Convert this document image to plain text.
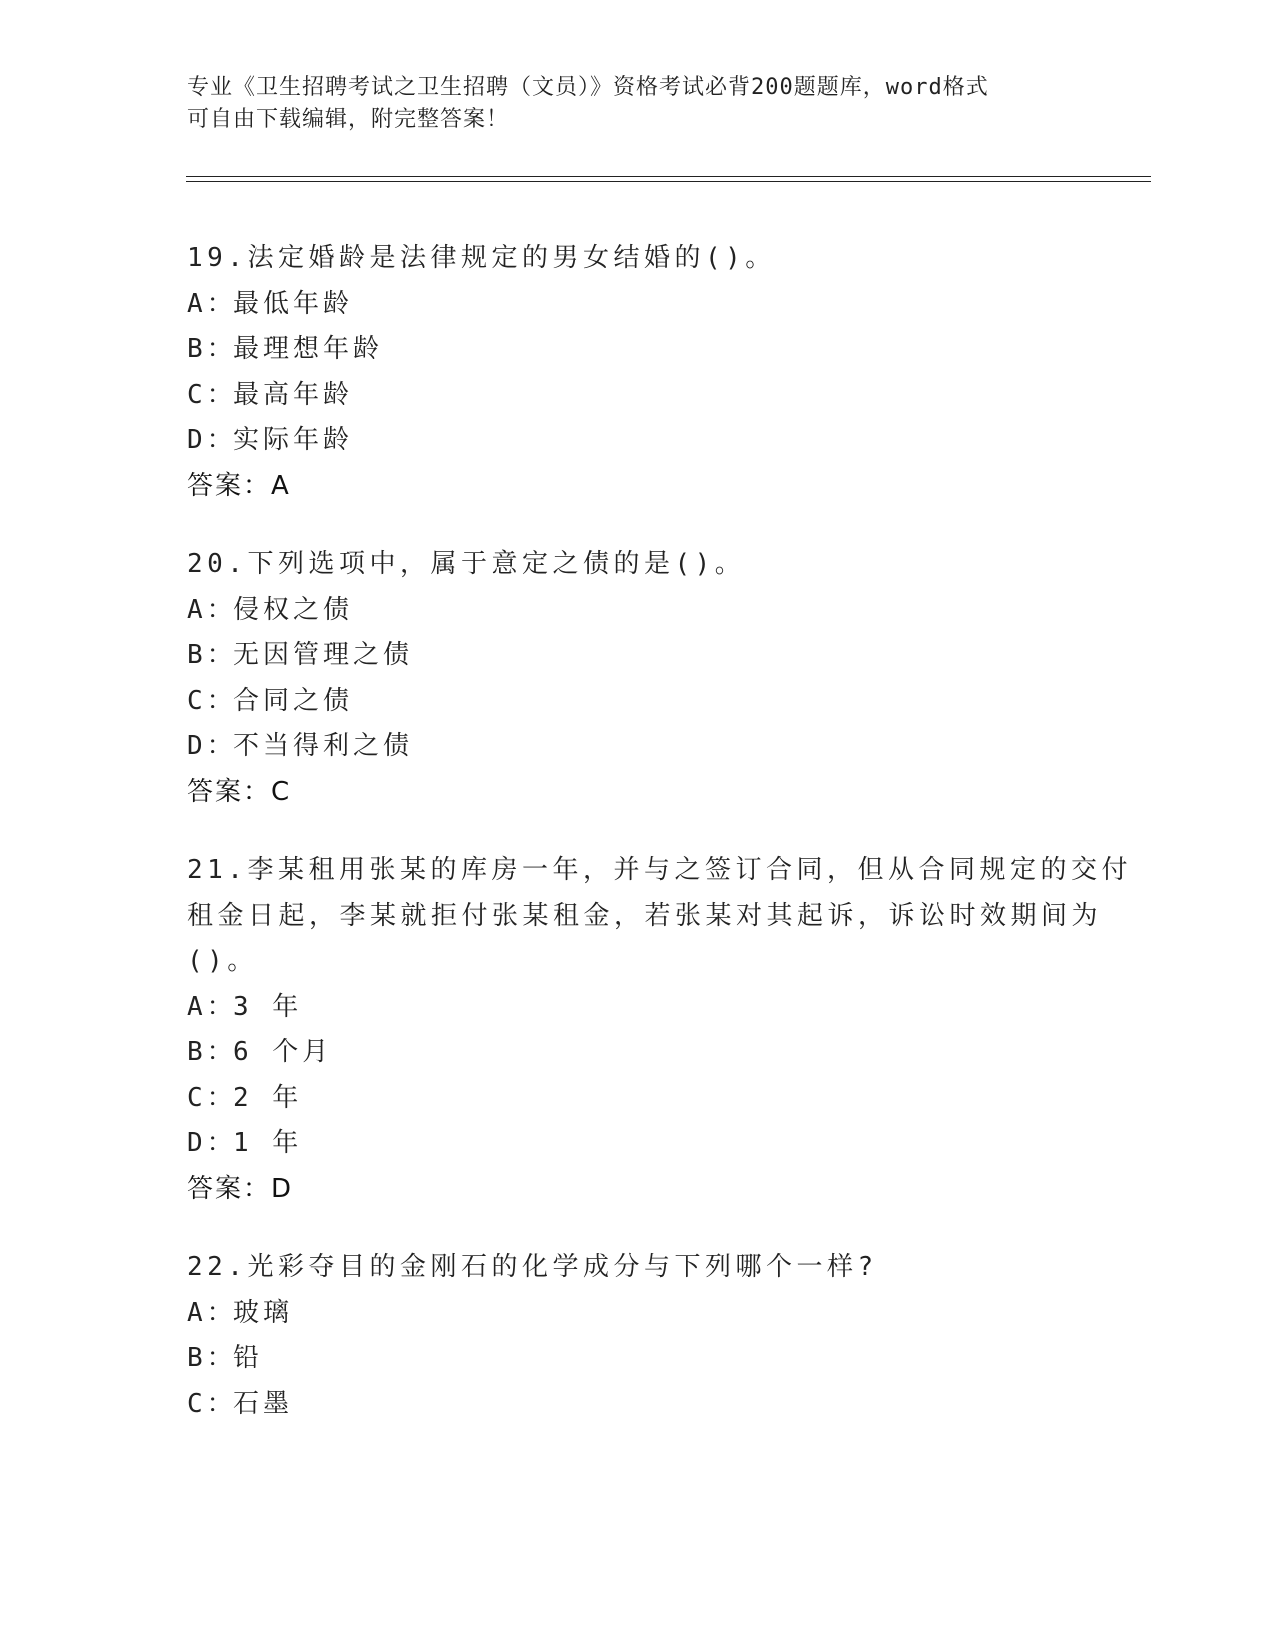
专业《卫生招聘考试之卫生招聘（文员）》资格考试必背200题题库，word格式
可自由下载编辑，附完整答案！
19.法定婚龄是法律规定的男女结婚的()。
A：
最低年龄
B：
最理想年龄
C：
最高年龄
D：
实际年龄
答案：A
20.下列选项中，属于意定之债的是()。
A：
侵权之债
B：
无因管理之债
C：
合同之债
D：
不当得利之债
答案：C
21.李某租用张某的库房一年，并与之签订合同，但从合同规定的交付
租金日起，李某就拒付张某租金，若张某对其起诉，诉讼时效期间为
()。
A：
3 年
B：
6 个月
C：
2 年
D：
1 年
答案：D
22.光彩夺目的金刚石的化学成分与下列哪个一样?
A：
玻璃
B：
铅
C：
石墨
